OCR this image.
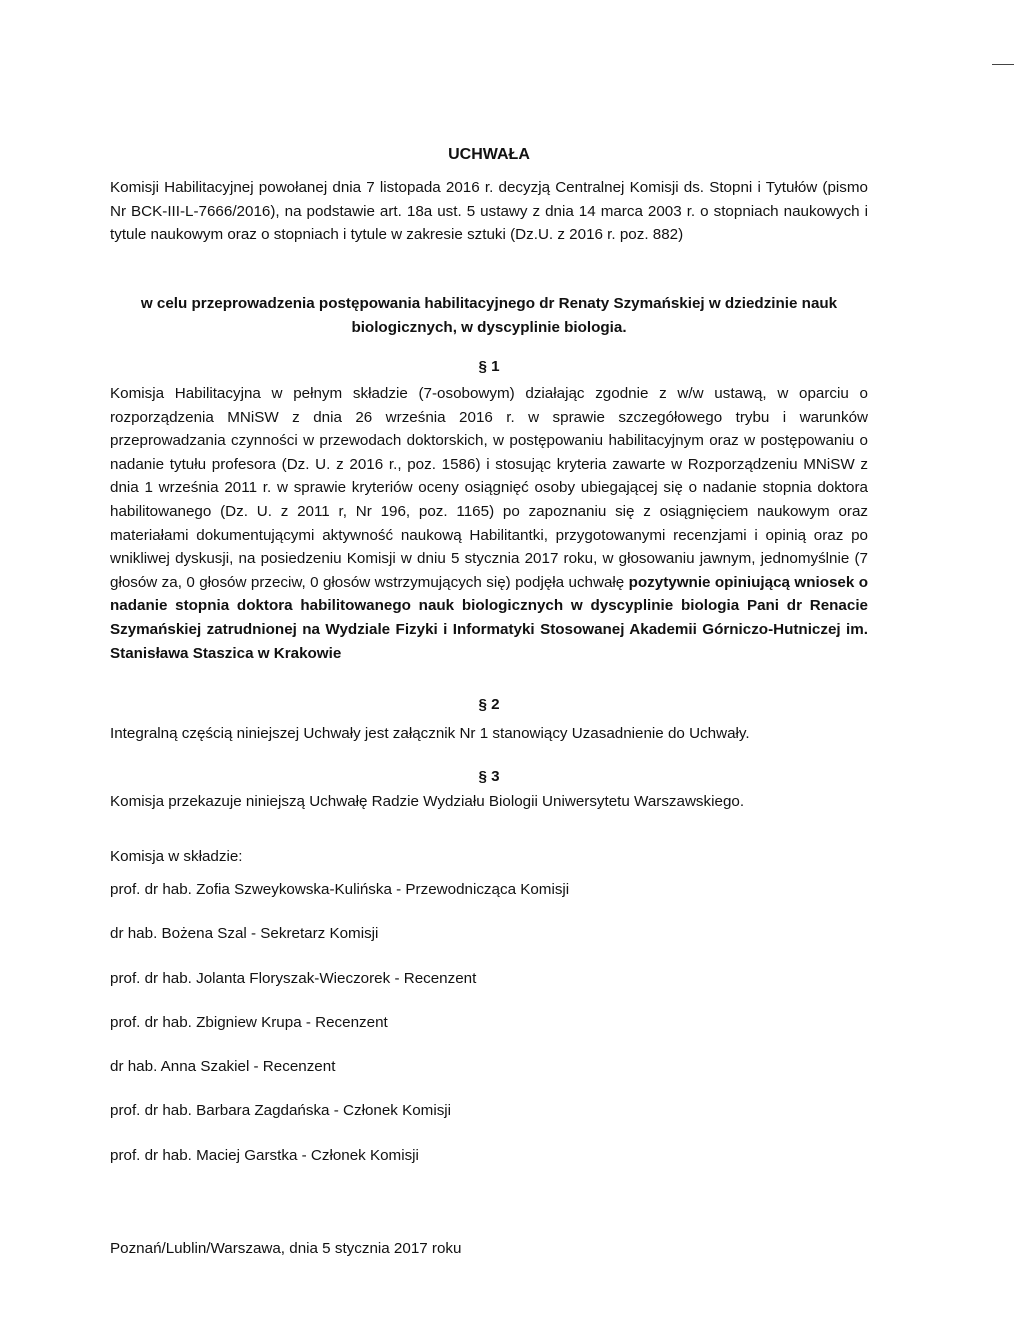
UCHWAŁA

Komisji Habilitacyjnej powołanej dnia 7 listopada 2016 r. decyzją Centralnej Komisji ds. Stopni i Tytułów (pismo Nr BCK-III-L-7666/2016), na podstawie art. 18a ust. 5 ustawy z dnia 14 marca 2003 r. o stopniach naukowych i tytule naukowym oraz o stopniach i tytule w zakresie sztuki (Dz.U. z 2016 r. poz. 882)

w celu przeprowadzenia postępowania habilitacyjnego dr Renaty Szymańskiej w dziedzinie nauk biologicznych, w dyscyplinie biologia.
§ 1

Komisja Habilitacyjna w pełnym składzie (7-osobowym) działając zgodnie z w/w ustawą, w oparciu o rozporządzenia MNiSW z dnia 26 września 2016 r. w sprawie szczegółowego trybu i warunków przeprowadzania czynności w przewodach doktorskich, w postępowaniu habilitacyjnym oraz w postępowaniu o nadanie tytułu profesora (Dz. U. z 2016 r., poz. 1586) i stosując kryteria zawarte w Rozporządzeniu MNiSW z dnia 1 września 2011 r. w sprawie kryteriów oceny osiągnięć osoby ubiegającej się o nadanie stopnia doktora habilitowanego (Dz. U. z 2011 r, Nr 196, poz. 1165) po zapoznaniu się z osiągnięciem naukowym oraz materiałami dokumentującymi aktywność naukową Habilitantki, przygotowanymi recenzjami i opinią oraz po wnikliwej dyskusji, na posiedzeniu Komisji w dniu 5 stycznia 2017 roku, w głosowaniu jawnym, jednomyślnie (7 głosów za, 0 głosów przeciw, 0 głosów wstrzymujących się) podjęła uchwałę pozytywnie opiniującą wniosek o nadanie stopnia doktora habilitowanego nauk biologicznych w dyscyplinie biologia Pani dr Renacie Szymańskiej zatrudnionej na Wydziale Fizyki i Informatyki Stosowanej Akademii Górniczo-Hutniczej im. Stanisława Staszica w Krakowie

§ 2

Integralną częścią niniejszej Uchwały jest załącznik Nr 1 stanowiący Uzasadnienie do Uchwały.

§ 3

Komisja przekazuje niniejszą Uchwałę Radzie Wydziału Biologii Uniwersytetu Warszawskiego.

Komisja w składzie:
prof. dr hab. Zofia Szweykowska-Kulińska - Przewodnicząca Komisji
dr hab. Bożena Szal - Sekretarz Komisji
prof. dr hab. Jolanta Floryszak-Wieczorek - Recenzent
prof. dr hab. Zbigniew Krupa - Recenzent
dr hab. Anna Szakiel - Recenzent
prof. dr hab. Barbara Zagdańska - Członek Komisji
prof. dr hab. Maciej Garstka - Członek Komisji
Poznań/Lublin/Warszawa, dnia 5 stycznia 2017 roku
